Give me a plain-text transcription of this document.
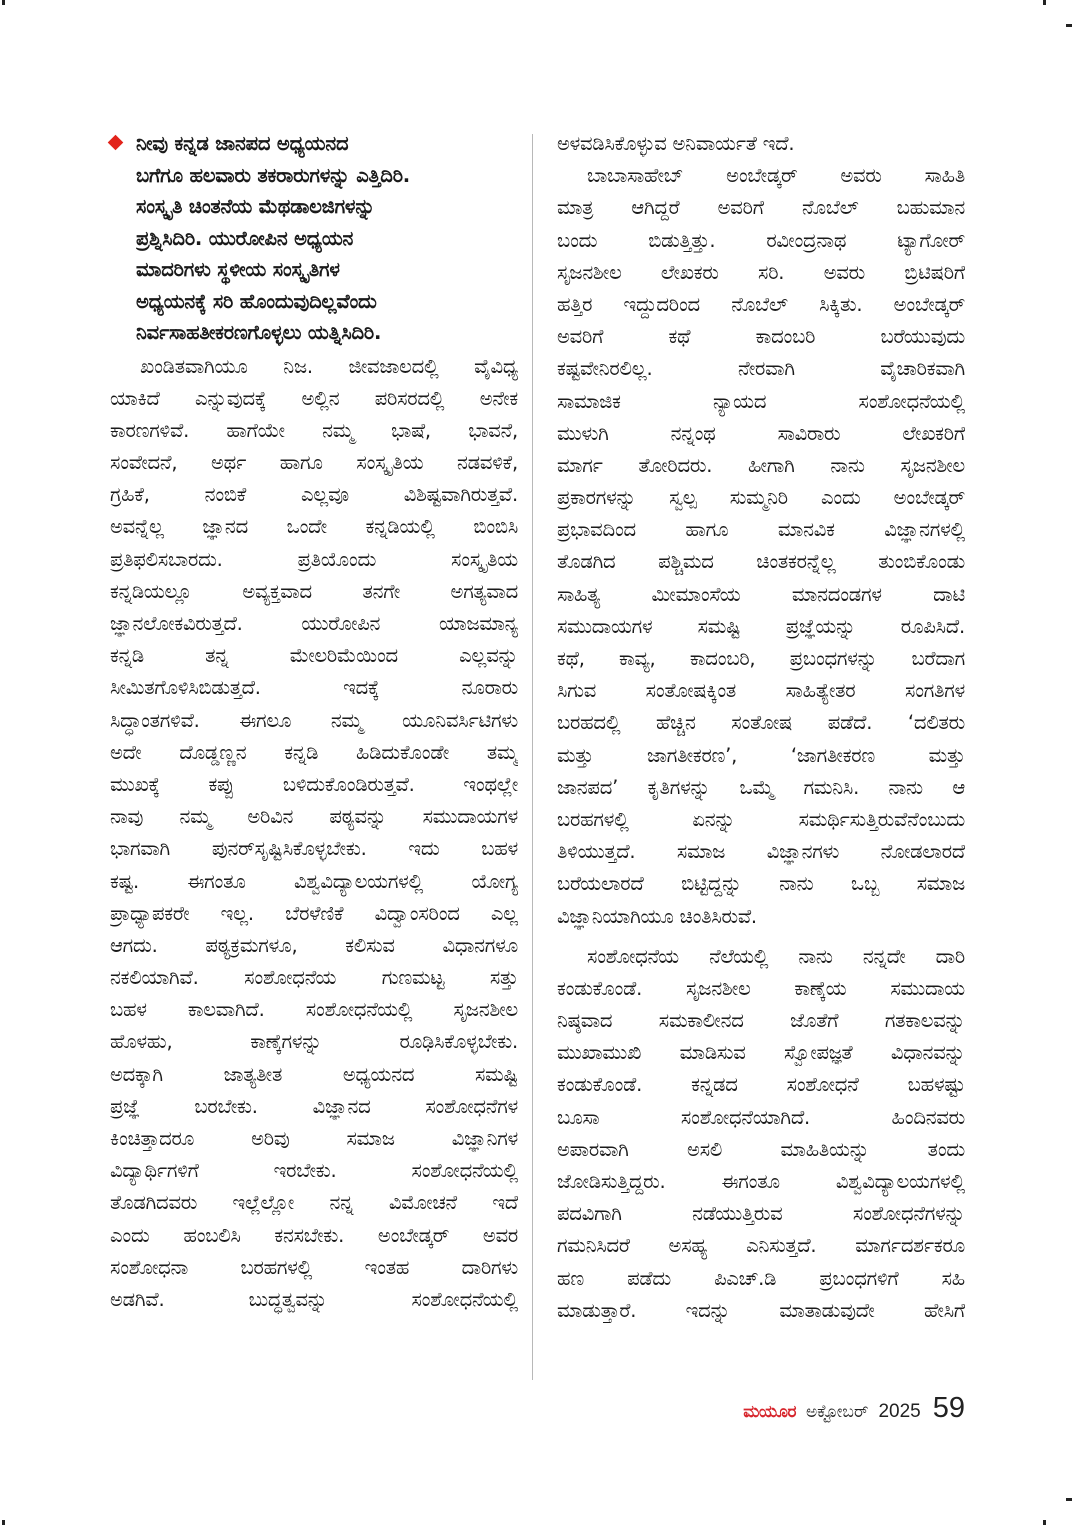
ನೀವು ಕನ್ನಡ ಜಾನಪದ ಅಧ್ಯಯನದ
ಬಗೆಗೂ ಹಲವಾರು ತಕರಾರುಗಳನ್ನು ಎತ್ತಿದಿರಿ.
ಸಂಸ್ಕೃತಿ ಚಿಂತನೆಯ ಮೆಥಡಾಲಜಿಗಳನ್ನು
ಪ್ರಶ್ನಿಸಿದಿರಿ. ಯುರೋಪಿನ ಅಧ್ಯಯನ
ಮಾದರಿಗಳು ಸ್ಥಳೀಯ ಸಂಸ್ಕೃತಿಗಳ
ಅಧ್ಯಯನಕ್ಕೆ ಸರಿ ಹೊಂದುವುದಿಲ್ಲವೆಂದು
ನಿರ್ವಸಾಹತೀಕರಣಗೊಳ್ಳಲು ಯತ್ನಿಸಿದಿರಿ.
ಖಂಡಿತವಾಗಿಯೂ ನಿಜ. ಜೀವಜಾಲದಲ್ಲಿ ವೈವಿಧ್ಯ
ಯಾಕಿದೆ ಎನ್ನುವುದಕ್ಕೆ ಅಲ್ಲಿನ ಪರಿಸರದಲ್ಲಿ ಅನೇಕ
ಕಾರಣಗಳಿವೆ. ಹಾಗೆಯೇ ನಮ್ಮ ಭಾಷೆ, ಭಾವನೆ,
ಸಂವೇದನೆ, ಅರ್ಥ ಹಾಗೂ ಸಂಸ್ಕೃತಿಯ ನಡವಳಿಕೆ,
ಗ್ರಹಿಕೆ, ನಂಬಿಕೆ ಎಲ್ಲವೂ ವಿಶಿಷ್ಟವಾಗಿರುತ್ತವೆ.
ಅವನ್ನೆಲ್ಲ ಜ್ಞಾನದ ಒಂದೇ ಕನ್ನಡಿಯಲ್ಲಿ ಬಿಂಬಿಸಿ
ಪ್ರತಿಫಲಿಸಬಾರದು. ಪ್ರತಿಯೊಂದು ಸಂಸ್ಕೃತಿಯ
ಕನ್ನಡಿಯಲ್ಲೂ ಅವ್ಯಕ್ತವಾದ ತನಗೇ ಅಗತ್ಯವಾದ
ಜ್ಞಾನಲೋಕವಿರುತ್ತದೆ. ಯುರೋಪಿನ ಯಾಜಮಾನ್ಯ
ಕನ್ನಡಿ ತನ್ನ ಮೇಲರಿಮೆಯಿಂದ ಎಲ್ಲವನ್ನು
ಸೀಮಿತಗೊಳಿಸಿಬಿಡುತ್ತದೆ. ಇದಕ್ಕೆ ನೂರಾರು
ಸಿದ್ಧಾಂತಗಳಿವೆ. ಈಗಲೂ ನಮ್ಮ ಯೂನಿವರ್ಸಿಟಿಗಳು
ಅದೇ ದೊಡ್ಡಣ್ಣನ ಕನ್ನಡಿ ಹಿಡಿದುಕೊಂಡೇ ತಮ್ಮ
ಮುಖಕ್ಕೆ ಕಪ್ಪು ಬಳಿದುಕೊಂಡಿರುತ್ತವೆ. ಇಂಥಲ್ಲೇ
ನಾವು ನಮ್ಮ ಅರಿವಿನ ಪಠ್ಯವನ್ನು ಸಮುದಾಯಗಳ
ಭಾಗವಾಗಿ ಪುನರ್‌ಸೃಷ್ಟಿಸಿಕೊಳ್ಳಬೇಕು. ಇದು ಬಹಳ
ಕಷ್ಟ. ಈಗಂತೂ ವಿಶ್ವವಿದ್ಯಾಲಯಗಳಲ್ಲಿ ಯೋಗ್ಯ
ಪ್ರಾಧ್ಯಾಪಕರೇ ಇಲ್ಲ. ಬೆರಳೆಣಿಕೆ ವಿದ್ವಾಂಸರಿಂದ ಎಲ್ಲ
ಆಗದು. ಪಠ್ಯಕ್ರಮಗಳೂ, ಕಲಿಸುವ ವಿಧಾನಗಳೂ
ನಕಲಿಯಾಗಿವೆ. ಸಂಶೋಧನೆಯ ಗುಣಮಟ್ಟ ಸತ್ತು
ಬಹಳ ಕಾಲವಾಗಿದೆ. ಸಂಶೋಧನೆಯಲ್ಲಿ ಸೃಜನಶೀಲ
ಹೊಳಹು, ಕಾಣ್ಕೆಗಳನ್ನು ರೂಢಿಸಿಕೊಳ್ಳಬೇಕು.
ಅದಕ್ಕಾಗಿ ಜಾತ್ಯತೀತ ಅಧ್ಯಯನದ ಸಮಷ್ಟಿ
ಪ್ರಜ್ಞೆ ಬರಬೇಕು. ವಿಜ್ಞಾನದ ಸಂಶೋಧನೆಗಳ
ಕಿಂಚಿತ್ತಾದರೂ ಅರಿವು ಸಮಾಜ ವಿಜ್ಞಾನಿಗಳ
ವಿದ್ಯಾರ್ಥಿಗಳಿಗೆ ಇರಬೇಕು. ಸಂಶೋಧನೆಯಲ್ಲಿ
ತೊಡಗಿದವರು ಇಲ್ಲೆಲ್ಲೋ ನನ್ನ ವಿಮೋಚನೆ ಇದೆ
ಎಂದು ಹಂಬಲಿಸಿ ಕನಸಬೇಕು. ಅಂಬೇಡ್ಕರ್ ಅವರ
ಸಂಶೋಧನಾ ಬರಹಗಳಲ್ಲಿ ಇಂತಹ ದಾರಿಗಳು
ಅಡಗಿವೆ. ಬುದ್ಧತ್ವವನ್ನು ಸಂಶೋಧನೆಯಲ್ಲಿ
ಅಳವಡಿಸಿಕೊಳ್ಳುವ ಅನಿವಾರ್ಯತೆ ಇದೆ.
ಬಾಬಾಸಾಹೇಬ್ ಅಂಬೇಡ್ಕರ್ ಅವರು ಸಾಹಿತಿ
ಮಾತ್ರ ಆಗಿದ್ದರೆ ಅವರಿಗೆ ನೊಬೆಲ್ ಬಹುಮಾನ
ಬಂದು ಬಿಡುತ್ತಿತ್ತು. ರವೀಂದ್ರನಾಥ ಟ್ಯಾಗೋರ್
ಸೃಜನಶೀಲ ಲೇಖಕರು ಸರಿ. ಅವರು ಬ್ರಿಟಿಷರಿಗೆ
ಹತ್ತಿರ ಇದ್ದುದರಿಂದ ನೊಬೆಲ್ ಸಿಕ್ಕಿತು. ಅಂಬೇಡ್ಕರ್
ಅವರಿಗೆ ಕಥೆ ಕಾದಂಬರಿ ಬರೆಯುವುದು
ಕಷ್ಟವೇನಿರಲಿಲ್ಲ. ನೇರವಾಗಿ ವೈಚಾರಿಕವಾಗಿ
ಸಾಮಾಜಿಕ ನ್ಯಾಯದ ಸಂಶೋಧನೆಯಲ್ಲಿ
ಮುಳುಗಿ ನನ್ನಂಥ ಸಾವಿರಾರು ಲೇಖಕರಿಗೆ
ಮಾರ್ಗ ತೋರಿದರು. ಹೀಗಾಗಿ ನಾನು ಸೃಜನಶೀಲ
ಪ್ರಕಾರಗಳನ್ನು ಸ್ವಲ್ಪ ಸುಮ್ಮನಿರಿ ಎಂದು ಅಂಬೇಡ್ಕರ್
ಪ್ರಭಾವದಿಂದ ಹಾಗೂ ಮಾನವಿಕ ವಿಜ್ಞಾನಗಳಲ್ಲಿ
ತೊಡಗಿದ ಪಶ್ಚಿಮದ ಚಿಂತಕರನ್ನೆಲ್ಲ ತುಂಬಿಕೊಂಡು
ಸಾಹಿತ್ಯ ಮೀಮಾಂಸೆಯ ಮಾನದಂಡಗಳ ದಾಟಿ
ಸಮುದಾಯಗಳ ಸಮಷ್ಟಿ ಪ್ರಜ್ಞೆಯನ್ನು ರೂಪಿಸಿದೆ.
ಕಥೆ, ಕಾವ್ಯ, ಕಾದಂಬರಿ, ಪ್ರಬಂಧಗಳನ್ನು ಬರೆದಾಗ
ಸಿಗುವ ಸಂತೋಷಕ್ಕಿಂತ ಸಾಹಿತ್ಯೇತರ ಸಂಗತಿಗಳ
ಬರಹದಲ್ಲಿ ಹೆಚ್ಚಿನ ಸಂತೋಷ ಪಡೆದೆ. ‘ದಲಿತರು
ಮತ್ತು ಜಾಗತೀಕರಣ’, ‘ಜಾಗತೀಕರಣ ಮತ್ತು
ಜಾನಪದ’ ಕೃತಿಗಳನ್ನು ಒಮ್ಮೆ ಗಮನಿಸಿ. ನಾನು ಆ
ಬರಹಗಳಲ್ಲಿ ಏನನ್ನು ಸಮರ್ಥಿಸುತ್ತಿರುವೆನೆಂಬುದು
ತಿಳಿಯುತ್ತದೆ. ಸಮಾಜ ವಿಜ್ಞಾನಗಳು ನೋಡಲಾರದೆ
ಬರೆಯಲಾರದೆ ಬಿಟ್ಟಿದ್ದನ್ನು ನಾನು ಒಬ್ಬ ಸಮಾಜ
ವಿಜ್ಞಾನಿಯಾಗಿಯೂ ಚಿಂತಿಸಿರುವೆ.
ಸಂಶೋಧನೆಯ ನೆಲೆಯಲ್ಲಿ ನಾನು ನನ್ನದೇ ದಾರಿ
ಕಂಡುಕೊಂಡೆ. ಸೃಜನಶೀಲ ಕಾಣ್ಕೆಯ ಸಮುದಾಯ
ನಿಷ್ಠವಾದ ಸಮಕಾಲೀನದ ಜೊತೆಗೆ ಗತಕಾಲವನ್ನು
ಮುಖಾಮುಖಿ ಮಾಡಿಸುವ ಸ್ವೋಪಜ್ಞತೆ ವಿಧಾನವನ್ನು
ಕಂಡುಕೊಂಡೆ. ಕನ್ನಡದ ಸಂಶೋಧನೆ ಬಹಳಷ್ಟು
ಬೂಸಾ ಸಂಶೋಧನೆಯಾಗಿದೆ. ಹಿಂದಿನವರು
ಅಪಾರವಾಗಿ ಅಸಲಿ ಮಾಹಿತಿಯನ್ನು ತಂದು
ಜೋಡಿಸುತ್ತಿದ್ದರು. ಈಗಂತೂ ವಿಶ್ವವಿದ್ಯಾಲಯಗಳಲ್ಲಿ
ಪದವಿಗಾಗಿ ನಡೆಯುತ್ತಿರುವ ಸಂಶೋಧನೆಗಳನ್ನು
ಗಮನಿಸಿದರೆ ಅಸಹ್ಯ ಎನಿಸುತ್ತದೆ. ಮಾರ್ಗದರ್ಶಕರೂ
ಹಣ ಪಡೆದು ಪಿಎಚ್.ಡಿ ಪ್ರಬಂಧಗಳಿಗೆ ಸಹಿ
ಮಾಡುತ್ತಾರೆ. ಇದನ್ನು ಮಾತಾಡುವುದೇ ಹೇಸಿಗೆ
ಮಯೂರ ಅಕ್ಟೋಬರ್ 2025 59
